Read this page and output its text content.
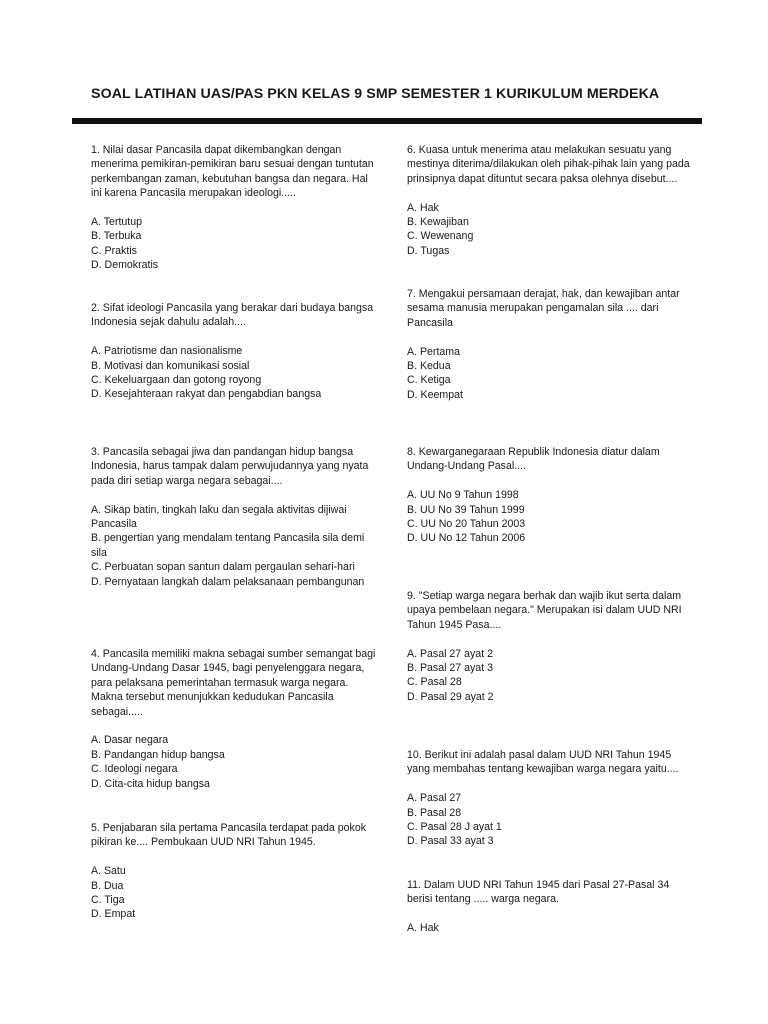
SOAL LATIHAN UAS/PAS PKN KELAS 9 SMP SEMESTER 1 KURIKULUM MERDEKA
1. Nilai dasar Pancasila dapat dikembangkan dengan menerima pemikiran-pemikiran baru sesuai dengan tuntutan perkembangan zaman, kebutuhan bangsa dan negara. Hal ini karena Pancasila merupakan ideologi.....
A. Tertutup
B. Terbuka
C. Praktis
D. Demokratis
2. Sifat ideologi Pancasila yang berakar dari budaya bangsa Indonesia sejak dahulu adalah....
A. Patriotisme dan nasionalisme
B. Motivasi dan komunikasi sosial
C. Kekeluargaan dan gotong royong
D. Kesejahteraan rakyat dan pengabdian bangsa
3. Pancasila sebagai jiwa dan pandangan hidup bangsa Indonesia, harus tampak dalam perwujudannya yang nyata pada diri setiap warga negara sebagai....
A. Sikap batin, tingkah laku dan segala aktivitas dijiwai Pancasila
B. pengertian yang mendalam tentang Pancasila sila demi sila
C. Perbuatan sopan santun dalam pergaulan sehari-hari
D. Pernyataan langkah dalam pelaksanaan pembangunan
4. Pancasila memiliki makna sebagai sumber semangat bagi Undang-Undang Dasar 1945, bagi penyelenggara negara, para pelaksana pemerintahan termasuk warga negara. Makna tersebut menunjukkan kedudukan Pancasila sebagai.....
A. Dasar negara
B. Pandangan hidup bangsa
C. Ideologi negara
D. Cita-cita hidup bangsa
5. Penjabaran sila pertama Pancasila terdapat pada pokok pikiran ke.... Pembukaan UUD NRI Tahun 1945.
A. Satu
B. Dua
C. Tiga
D. Empat
6. Kuasa untuk menerima atau melakukan sesuatu yang mestinya diterima/dilakukan oleh pihak-pihak lain yang pada prinsipnya dapat dituntut secara paksa olehnya disebut....
A. Hak
B. Kewajiban
C. Wewenang
D. Tugas
7. Mengakui persamaan derajat, hak, dan kewajiban antar sesama manusia merupakan pengamalan sila .... dari Pancasila
A. Pertama
B. Kedua
C. Ketiga
D. Keempat
8. Kewarganegaraan Republik Indonesia diatur dalam Undang-Undang Pasal....
A. UU No 9 Tahun 1998
B. UU No 39 Tahun 1999
C. UU No 20 Tahun 2003
D. UU No 12 Tahun 2006
9. "Setiap warga negara berhak dan wajib ikut serta dalam upaya pembelaan negara." Merupakan isi dalam UUD NRI Tahun 1945 Pasa....
A. Pasal 27 ayat 2
B. Pasal 27 ayat 3
C. Pasal 28
D. Pasal 29 ayat 2
10. Berikut ini adalah pasal dalam UUD NRI Tahun 1945 yang membahas tentang kewajiban warga negara yaitu....
A. Pasal 27
B. Pasal 28
C. Pasal 28 J ayat 1
D. Pasal 33 ayat 3
11. Dalam UUD NRI Tahun 1945 dari Pasal 27-Pasal 34 berisi tentang ..... warga negara.
A. Hak
